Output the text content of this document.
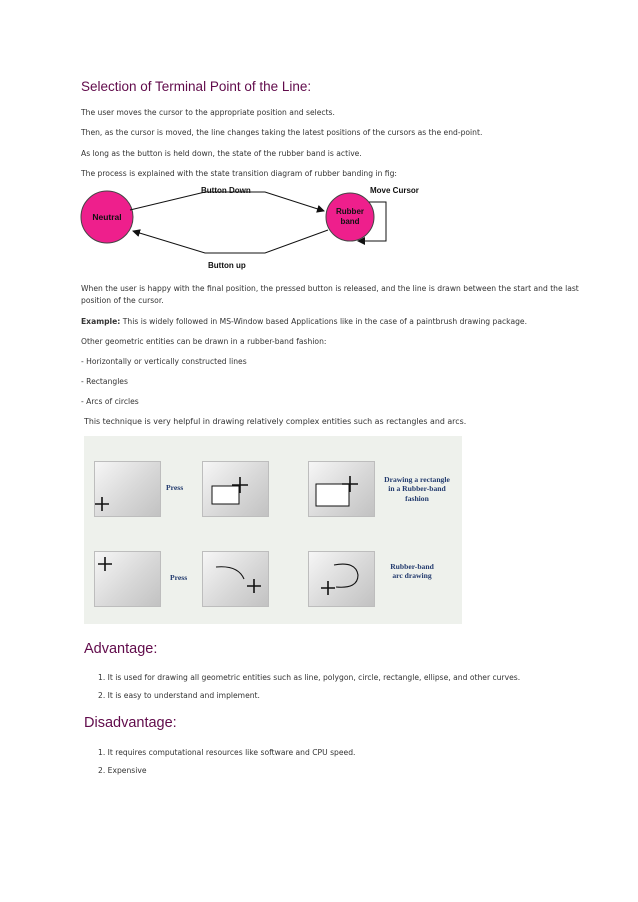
Selection of Terminal Point of the Line:
The user moves the cursor to the appropriate position and selects.
Then, as the cursor is moved, the line changes taking the latest positions of the cursors as the end-point.
As long as the button is held down, the state of the rubber band is active.
The process is explained with the state transition diagram of rubber banding in fig:
Neutral
Rubber
band
Button Down
Button up
Move Cursor
When the user is happy with the final position, the pressed button is released, and the line is drawn between the start and the last
position of the cursor.
Example: This is widely followed in MS-Window based Applications like in the case of a paintbrush drawing package.
Other geometric entities can be drawn in a rubber-band fashion:
- Horizontally or vertically constructed lines
- Rectangles
- Arcs of circles
This technique is very helpful in drawing relatively complex entities such as rectangles and arcs.
Press
Drawing a rectangle
in a Rubber-band
fashion
Press
Rubber-band
arc drawing
Advantage:
1. It is used for drawing all geometric entities such as line, polygon, circle, rectangle, ellipse, and other curves.
2. It is easy to understand and implement.
Disadvantage:
1. It requires computational resources like software and CPU speed.
2. Expensive
